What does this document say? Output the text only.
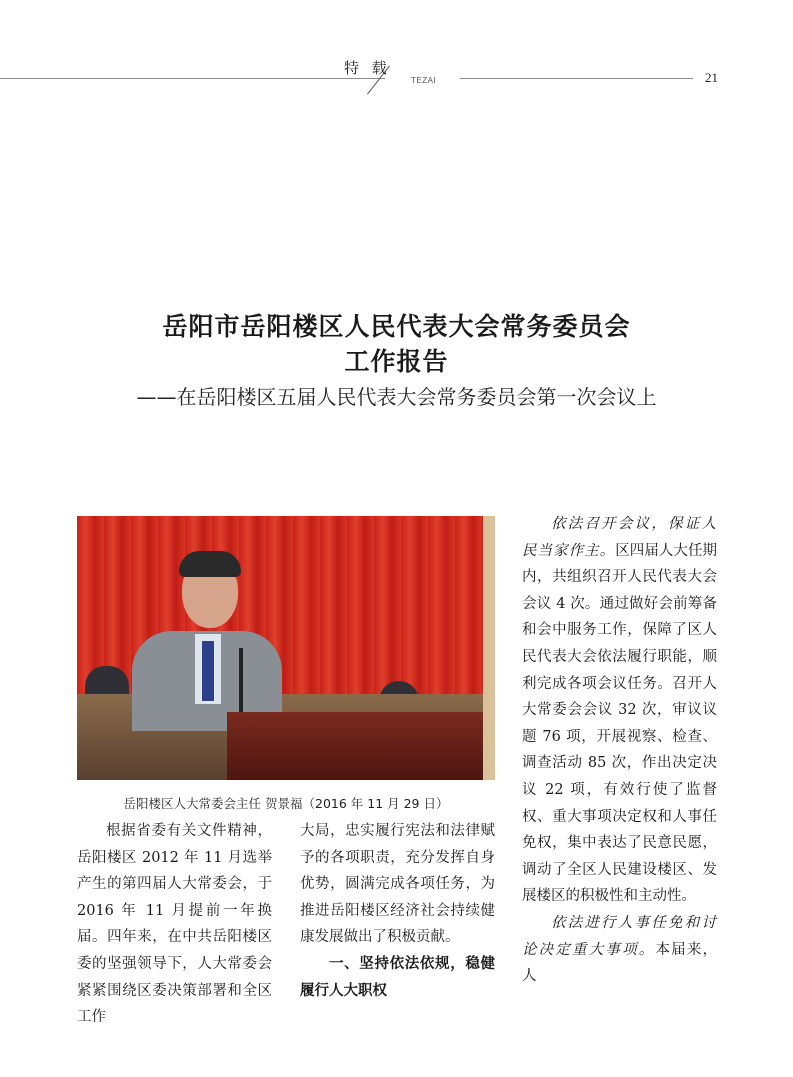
特 载
TEZAI	21
岳阳市岳阳楼区人民代表大会常务委员会
工作报告
——在岳阳楼区五届人民代表大会常务委员会第一次会议上
岳阳楼区人大常委会主任 贺景福（2016 年 11 月 29 日）

根据省委有关文件精神，岳阳楼区 2012 年 11 月选举产生的第四届人大常委会，于 2016 年 11 月提前一年换届。四年来，在中共岳阳楼区委的坚强领导下，人大常委会紧紧围绕区委决策部署和全区工作

大局，忠实履行宪法和法律赋予的各项职责，充分发挥自身优势，圆满完成各项任务，为推进岳阳楼区经济社会持续健康发展做出了积极贡献。

一、坚持依法依规，稳健履行人大职权

依法召开会议，保证人民当家作主。区四届人大任期内，共组织召开人民代表大会会议 4 次。通过做好会前筹备和会中服务工作，保障了区人民代表大会依法履行职能，顺利完成各项会议任务。召开人大常委会会议 32 次，审议议题 76 项，开展视察、检查、调查活动 85 次，作出决定决议 22 项，有效行使了监督权、重大事项决定权和人事任免权，集中表达了民意民愿，调动了全区人民建设楼区、发展楼区的积极性和主动性。

依法进行人事任免和讨论决定重大事项。本届来，人
